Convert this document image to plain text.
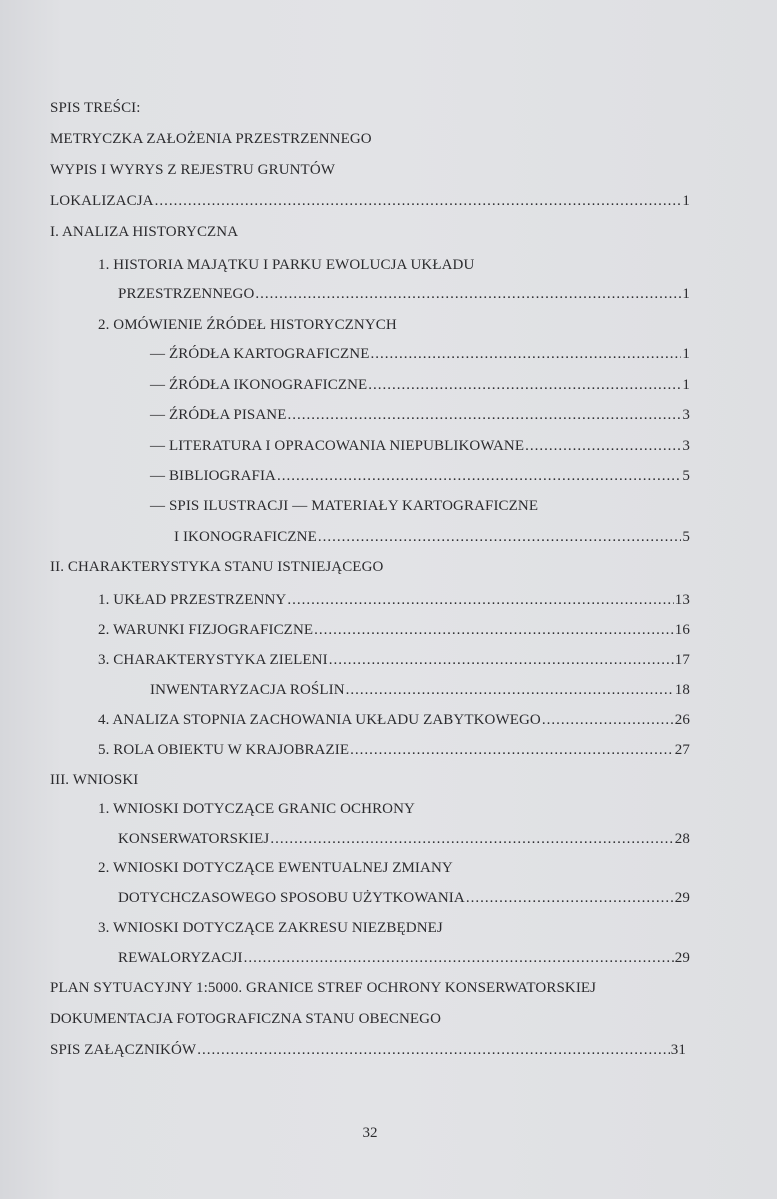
SPIS TREŚCI:
METRYCZKA ZAŁOŻENIA PRZESTRZENNEGO
WYPIS I WYRYS Z REJESTRU GRUNTÓW
LOKALIZACJA .....	1
I. ANALIZA HISTORYCZNA
1. HISTORIA MAJĄTKU I PARKU EWOLUCJA UKŁADU
PRZESTRZENNEGO .....	1
2. OMÓWIENIE ŹRÓDEŁ HISTORYCZNYCH
— ŹRÓDŁA KARTOGRAFICZNE .....	1
— ŹRÓDŁA IKONOGRAFICZNE .....	1
— ŹRÓDŁA PISANE .....	3
— LITERATURA I OPRACOWANIA NIEPUBLIKOWANE .....	3
— BIBLIOGRAFIA .....	5
— SPIS ILUSTRACJI — MATERIAŁY KARTOGRAFICZNE
I IKONOGRAFICZNE .....	5
II. CHARAKTERYSTYKA STANU ISTNIEJĄCEGO
1. UKŁAD PRZESTRZENNY .....	13
2. WARUNKI FIZJOGRAFICZNE .....	16
3. CHARAKTERYSTYKA ZIELENI .....	17
INWENTARYZACJA ROŚLIN .....	18
4. ANALIZA STOPNIA ZACHOWANIA UKŁADU ZABYTKOWEGO .....	26
5. ROLA OBIEKTU W KRAJOBRAZIE .....	27
III. WNIOSKI
1. WNIOSKI DOTYCZĄCE GRANIC OCHRONY
KONSERWATORSKIEJ .....	28
2. WNIOSKI DOTYCZĄCE EWENTUALNEJ ZMIANY
DOTYCHCZASOWEGO SPOSOBU UŻYTKOWANIA .....	29
3. WNIOSKI DOTYCZĄCE ZAKRESU NIEZBĘDNEJ
REWALORYZACJI .....	29
PLAN SYTUACYJNY 1:5000. GRANICE STREF OCHRONY KONSERWATORSKIEJ
DOKUMENTACJA FOTOGRAFICZNA STANU OBECNEGO
SPIS ZAŁĄCZNIKÓW .....	31
32
